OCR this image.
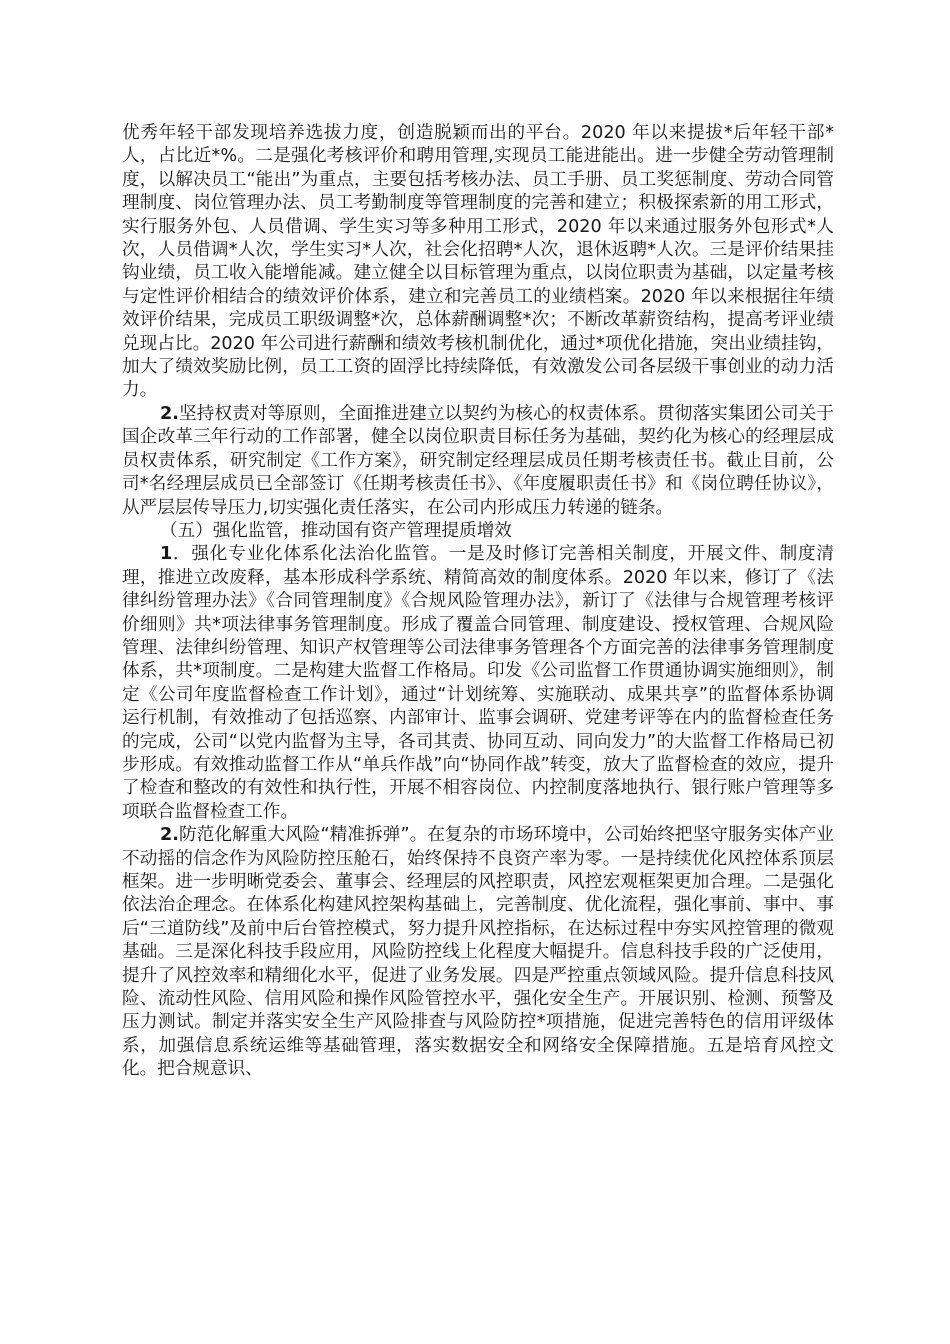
优秀年轻干部发现培养选拔力度，创造脱颖而出的平台。2020 年以来提拔*后年轻干部*人，占比近*%。二是强化考核评价和聘用管理,实现员工能进能出。进一步健全劳动管理制度，以解决员工“能出”为重点，主要包括考核办法、员工手册、员工奖惩制度、劳动合同管理制度、岗位管理办法、员工考勤制度等管理制度的完善和建立；积极探索新的用工形式，实行服务外包、人员借调、学生实习等多种用工形式，2020 年以来通过服务外包形式*人次，人员借调*人次，学生实习*人次，社会化招聘*人次，退休返聘*人次。三是评价结果挂钩业绩，员工收入能增能减。建立健全以目标管理为重点，以岗位职责为基础，以定量考核与定性评价相结合的绩效评价体系，建立和完善员工的业绩档案。2020 年以来根据往年绩效评价结果，完成员工职级调整*次，总体薪酬调整*次；不断改革薪资结构，提高考评业绩兑现占比。2020 年公司进行薪酬和绩效考核机制优化，通过*项优化措施，突出业绩挂钩，加大了绩效奖励比例，员工工资的固浮比持续降低，有效激发公司各层级干事创业的动力活力。

2.坚持权责对等原则，全面推进建立以契约为核心的权责体系。贯彻落实集团公司关于国企改革三年行动的工作部署，健全以岗位职责目标任务为基础，契约化为核心的经理层成员权责体系，研究制定《工作方案》，研究制定经理层成员任期考核责任书。截止目前，公司*名经理层成员已全部签订《任期考核责任书》、《年度履职责任书》和《岗位聘任协议》，从严层层传导压力,切实强化责任落实，在公司内形成压力转递的链条。

（五）强化监管，推动国有资产管理提质增效

1．强化专业化体系化法治化监管。一是及时修订完善相关制度，开展文件、制度清理，推进立改废释，基本形成科学系统、精简高效的制度体系。2020 年以来，修订了《法律纠纷管理办法》《合同管理制度》《合规风险管理办法》，新订了《法律与合规管理考核评价细则》共*项法律事务管理制度。形成了覆盖合同管理、制度建设、授权管理、合规风险管理、法律纠纷管理、知识产权管理等公司法律事务管理各个方面完善的法律事务管理制度体系，共*项制度。二是构建大监督工作格局。印发《公司监督工作贯通协调实施细则》，制定《公司年度监督检查工作计划》，通过“计划统筹、实施联动、成果共享”的监督体系协调运行机制，有效推动了包括巡察、内部审计、监事会调研、党建考评等在内的监督检查任务的完成，公司“以党内监督为主导，各司其责、协同互动、同向发力”的大监督工作格局已初步形成。有效推动监督工作从“单兵作战”向“协同作战”转变，放大了监督检查的效应，提升了检查和整改的有效性和执行性，开展不相容岗位、内控制度落地执行、银行账户管理等多项联合监督检查工作。

2.防范化解重大风险“精准拆弹”。在复杂的市场环境中，公司始终把坚守服务实体产业不动摇的信念作为风险防控压舱石，始终保持不良资产率为零。一是持续优化风控体系顶层框架。进一步明晰党委会、董事会、经理层的风控职责，风控宏观框架更加合理。二是强化依法治企理念。在体系化构建风控架构基础上，完善制度、优化流程，强化事前、事中、事后“三道防线”及前中后台管控模式，努力提升风控指标，在达标过程中夯实风控管理的微观基础。三是深化科技手段应用，风险防控线上化程度大幅提升。信息科技手段的广泛使用，提升了风控效率和精细化水平，促进了业务发展。四是严控重点领域风险。提升信息科技风险、流动性风险、信用风险和操作风险管控水平，强化安全生产。开展识别、检测、预警及压力测试。制定并落实安全生产风险排查与风险防控*项措施，促进完善特色的信用评级体系，加强信息系统运维等基础管理，落实数据安全和网络安全保障措施。五是培育风控文化。把合规意识、
